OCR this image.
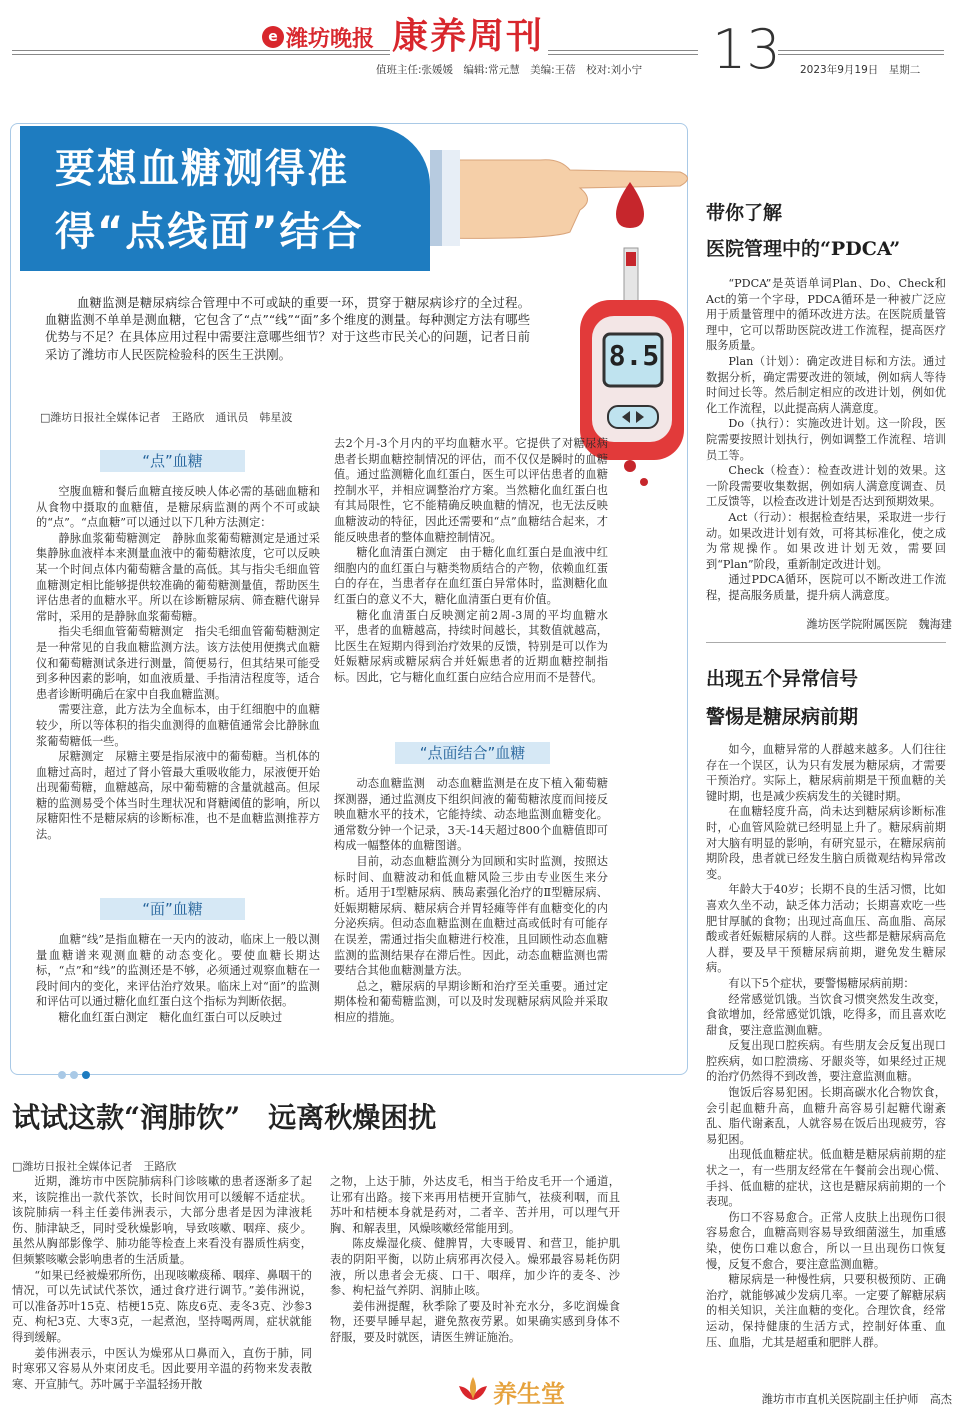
e 潍坊晚报 康养周刊	13
值班主任:张媛媛　编辑:常元慧　美编:王蓓　校对:刘小宁	2023年9月19日　星期二
要想血糖测得准
得“点线面”结合
8.5
血糖监测是糖尿病综合管理中不可或缺的重要一环，贯穿于糖尿病诊疗的全过程。血糖监测不单单是测血糖，它包含了“点”“线”“面”多个维度的测量。每种测定方法有哪些优势与不足？在具体应用过程中需要注意哪些细节？对于这些市民关心的问题，记者日前采访了潍坊市人民医院检验科的医生王洪刚。
□潍坊日报社全媒体记者　王路欣　通讯员　韩星波
“点”血糖

空腹血糖和餐后血糖直接反映人体必需的基础血糖和从食物中摄取的血糖值，是糖尿病监测的两个不可或缺的“点”。“点血糖”可以通过以下几种方法测定：

静脉血浆葡萄糖测定　静脉血浆葡萄糖测定是通过采集静脉血液样本来测量血液中的葡萄糖浓度，它可以反映某一个时间点体内葡萄糖含量的高低。其与指尖毛细血管血糖测定相比能够提供较准确的葡萄糖测量值，帮助医生评估患者的血糖水平。所以在诊断糖尿病、筛查糖代谢异常时，采用的是静脉血浆葡萄糖。

指尖毛细血管葡萄糖测定　指尖毛细血管葡萄糖测定是一种常见的自我血糖监测方法。该方法使用便携式血糖仪和葡萄糖测试条进行测量，简便易行，但其结果可能受到多种因素的影响，如血液质量、手指清洁程度等，适合患者诊断明确后在家中自我血糖监测。

需要注意，此方法为全血标本，由于红细胞中的血糖较少，所以等体积的指尖血测得的血糖值通常会比静脉血浆葡萄糖低一些。

尿糖测定　尿糖主要是指尿液中的葡萄糖。当机体的血糖过高时，超过了肾小管最大重吸收能力，尿液便开始出现葡萄糖，血糖越高，尿中葡萄糖的含量就越高。但尿糖的监测易受个体当时生理状况和肾糖阈值的影响，所以尿糖阳性不是糖尿病的诊断标准，也不是血糖监测推荐方法。

“面”血糖

血糖“线”是指血糖在一天内的波动，临床上一般以测量血糖谱来观测血糖的动态变化。要使血糖长期达标，“点”和“线”的监测还是不够，必须通过观察血糖在一段时间内的变化，来评估治疗效果。临床上对“面”的监测和评估可以通过糖化血红蛋白这个指标为判断依据。

糖化血红蛋白测定　糖化血红蛋白可以反映过

去2个月-3个月内的平均血糖水平。它提供了对糖尿病患者长期血糖控制情况的评估，而不仅仅是瞬时的血糖值。通过监测糖化血红蛋白，医生可以评估患者的血糖控制水平，并相应调整治疗方案。当然糖化血红蛋白也有其局限性，它不能精确反映血糖的情况，也无法反映血糖波动的特征，因此还需要和“点”血糖结合起来，才能反映患者的整体血糖控制情况。

糖化血清蛋白测定　由于糖化血红蛋白是血液中红细胞内的血红蛋白与糖类物质结合的产物，依赖血红蛋白的存在，当患者存在血红蛋白异常体时，监测糖化血红蛋白的意义不大，糖化血清蛋白更有价值。

糖化血清蛋白反映测定前2周-3周的平均血糖水平，患者的血糖越高，持续时间越长，其数值就越高，比医生在短期内得到治疗效果的反馈，特别是可以作为妊娠糖尿病或糖尿病合并妊娠患者的近期血糖控制指标。因此，它与糖化血红蛋白应结合应用而不是替代。

“点面结合”血糖

动态血糖监测　动态血糖监测是在皮下植入葡萄糖探测器，通过监测皮下组织间液的葡萄糖浓度而间接反映血糖水平的技术，它能持续、动态地监测血糖变化。通常数分钟一个记录，3天-14天超过800个血糖值即可构成一幅整体的血糖图谱。

目前，动态血糖监测分为回顾和实时监测，按照达标时间、血糖波动和低血糖风险三步由专业医生来分析。适用于Ⅰ型糖尿病、胰岛素强化治疗的Ⅱ型糖尿病、妊娠期糖尿病、糖尿病合并胃轻瘫等伴有血糖变化的内分泌疾病。但动态血糖监测在血糖过高或低时有可能存在误差，需通过指尖血糖进行校准，且回顾性动态血糖监测的监测结果存在滞后性。因此，动态血糖监测也需要结合其他血糖测量方法。

总之，糖尿病的早期诊断和治疗至关重要。通过定期体检和葡萄糖监测，可以及时发现糖尿病风险并采取相应的措施。

试试这款“润肺饮”　远离秋燥困扰
□潍坊日报社全媒体记者　王路欣

近期，潍坊市中医院肺病科门诊咳嗽的患者逐渐多了起来，该院推出一款代茶饮，长时间饮用可以缓解不适症状。该院肺病一科主任姜伟洲表示，大部分患者是因为津液耗伤、肺津缺乏，同时受秋燥影响，导致咳嗽、咽痒、痰少。虽然从胸部影像学、肺功能等检查上来看没有器质性病变，但频繁咳嗽会影响患者的生活质量。

“如果已经被燥邪所伤，出现咳嗽痰稀、咽痒、鼻咽干的情况，可以先试试代茶饮，通过食疗进行调节。”姜伟洲说，可以准备苏叶15克、桔梗15克、陈皮6克、麦冬3克、沙参3克、枸杞3克、大枣3克，一起煮泡，坚持喝两周，症状就能得到缓解。

姜伟洲表示，中医认为燥邪从口鼻而入，直伤于肺，同时寒邪又容易从外束闭皮毛。因此要用辛温的药物来发表散寒、开宣肺气。苏叶属于辛温轻扬开散

之物，上达于肺，外达皮毛，相当于给皮毛开一个通道，让邪有出路。接下来再用桔梗开宣肺气，祛痰利咽，而且苏叶和桔梗本身就是药对，二者辛、苦并用，可以理气开胸、和解表里，风燥咳嗽经常能用到。

陈皮燥湿化痰、健脾胃，大枣暖胃、和营卫，能护肌表的阴阳平衡，以防止病邪再次侵入。燥邪最容易耗伤阴液，所以患者会无痰、口干、咽痒，加少许的麦冬、沙参、枸杞益气养阴、润肺止咳。

姜伟洲提醒，秋季除了要及时补充水分，多吃润燥食物，还要早睡早起，避免熬夜劳累。如果确实感到身体不舒服，要及时就医，请医生辨证施治。

养生堂
带你了解
医院管理中的“PDCA”

“PDCA”是英语单词Plan、Do、Check和Act的第一个字母，PDCA循环是一种被广泛应用于质量管理中的循环改进方法。在医院质量管理中，它可以帮助医院改进工作流程，提高医疗服务质量。

Plan（计划）：确定改进目标和方法。通过数据分析，确定需要改进的领域，例如病人等待时间过长等。然后制定相应的改进计划，例如优化工作流程，以此提高病人满意度。

Do（执行）：实施改进计划。这一阶段，医院需要按照计划执行，例如调整工作流程、培训员工等。

Check（检查）：检查改进计划的效果。这一阶段需要收集数据，例如病人满意度调查、员工反馈等，以检查改进计划是否达到预期效果。

Act（行动）：根据检查结果，采取进一步行动。如果改进计划有效，可将其标准化，使之成为常规操作。如果改进计划无效，需要回到“Plan”阶段，重新制定改进计划。

通过PDCA循环，医院可以不断改进工作流程，提高服务质量，提升病人满意度。

潍坊医学院附属医院　魏海建
出现五个异常信号
警惕是糖尿病前期

如今，血糖异常的人群越来越多。人们往往存在一个误区，认为只有发展为糖尿病，才需要干预治疗。实际上，糖尿病前期是干预血糖的关键时期，也是减少疾病发生的关键时期。

在血糖轻度升高，尚未达到糖尿病诊断标准时，心血管风险就已经明显上升了。糖尿病前期对大脑有明显的影响，有研究显示，在糖尿病前期阶段，患者就已经发生脑白质微观结构异常改变。

年龄大于40岁；长期不良的生活习惯，比如喜欢久坐不动，缺乏体力活动；长期喜欢吃一些肥甘厚腻的食物；出现过高血压、高血脂、高尿酸或者妊娠糖尿病的人群。这些都是糖尿病高危人群，要及早干预糖尿病前期，避免发生糖尿病。

有以下5个症状，要警惕糖尿病前期：

经常感觉饥饿。当饮食习惯突然发生改变，食欲增加，经常感觉饥饿，吃得多，而且喜欢吃甜食，要注意监测血糖。

反复出现口腔疾病。有些朋友会反复出现口腔疾病，如口腔溃疡、牙龈炎等，如果经过正规的治疗仍然得不到改善，要注意监测血糖。

饱饭后容易犯困。长期高碳水化合物饮食，会引起血糖升高，血糖升高容易引起糖代谢紊乱、脂代谢紊乱，人就容易在饭后出现疲劳，容易犯困。

出现低血糖症状。低血糖是糖尿病前期的症状之一，有一些朋友经常在午餐前会出现心慌、手抖、低血糖的症状，这也是糖尿病前期的一个表现。

伤口不容易愈合。正常人皮肤上出现伤口很容易愈合，血糖高则容易导致细菌滋生，加重感染，使伤口难以愈合，所以一旦出现伤口恢复慢，反复不愈合，要注意监测血糖。

糖尿病是一种慢性病，只要积极预防、正确治疗，就能够减少发病几率。一定要了解糖尿病的相关知识，关注血糖的变化。合理饮食，经常运动，保持健康的生活方式，控制好体重、血压、血脂，尤其是超重和肥胖人群。

潍坊市市直机关医院副主任护师　高杰
